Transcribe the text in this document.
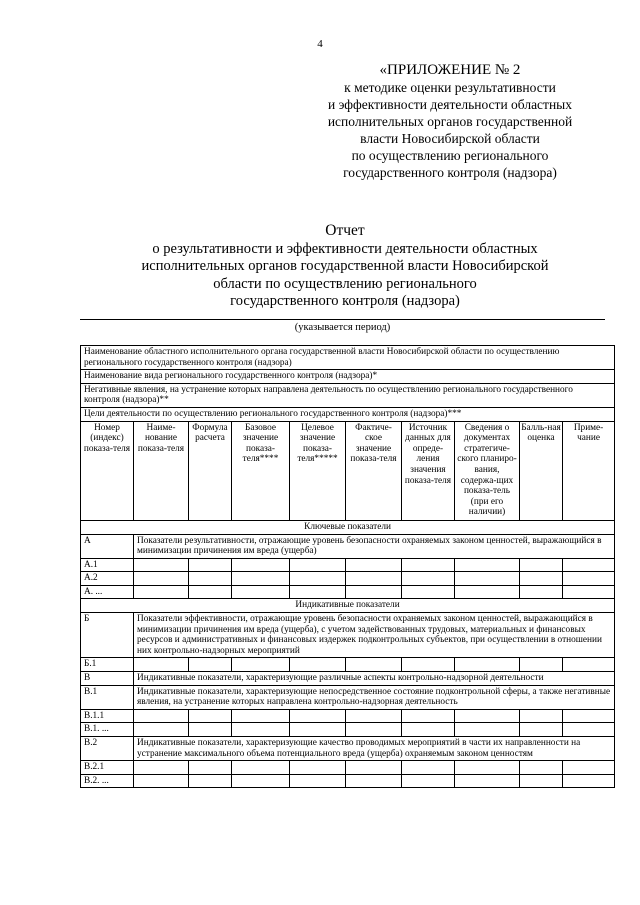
4
«ПРИЛОЖЕНИЕ № 2
к методике оценки результативности
и эффективности деятельности областных
исполнительных органов государственной
власти Новосибирской области
по осуществлению регионального
государственного контроля (надзора)
Отчет
о результативности и эффективности деятельности областных
исполнительных органов государственной власти Новосибирской
области по осуществлению регионального
государственного контроля (надзора)
(указывается период)
Наименование областного исполнительного органа государственной власти Новосибирской области по осуществлению регионального государственного контроля (надзора)									
Наименование вида регионального государственного контроля (надзора)*									
Негативные явления, на устранение которых направлена деятельность по осуществлению регионального государственного контроля (надзора)**									
Цели деятельности по осуществлению регионального государственного контроля (надзора)***									
Номер (индекс) показа-теля	Наиме-нование показа-теля	Формула расчета	Базовое значение показа-теля****	Целевое значение показа-теля*****	Фактиче-ское значение показа-теля	Источник данных для опреде-ления значения показа-теля	Сведения о документах стратегиче-ского планиро-вания, содержа-щих показа-тель (при его наличии)	Балль-ная оценка	Приме-чание
Ключевые показатели									
А	Показатели результативности, отражающие уровень безопасности охраняемых законом ценностей, выражающийся в минимизации причинения им вреда (ущерба)								
А.1									
А.2									
А. ...									
Индикативные показатели									
Б	Показатели эффективности, отражающие уровень безопасности охраняемых законом ценностей, выражающийся в минимизации причинения им вреда (ущерба), с учетом задействованных трудовых, материальных и финансовых ресурсов и административных и финансовых издержек подконтрольных субъектов, при осуществлении в отношении них контрольно-надзорных мероприятий								
Б.1									
В	Индикативные показатели, характеризующие различные аспекты контрольно-надзорной деятельности								
В.1	Индикативные показатели, характеризующие непосредственное состояние подконтрольной сферы, а также негативные явления, на устранение которых направлена контрольно-надзорная деятельность								
В.1.1									
В.1. ...									
В.2	Индикативные показатели, характеризующие качество проводимых мероприятий в части их направленности на устранение максимального объема потенциального вреда (ущерба) охраняемым законом ценностям								
В.2.1									
В.2. ...									
